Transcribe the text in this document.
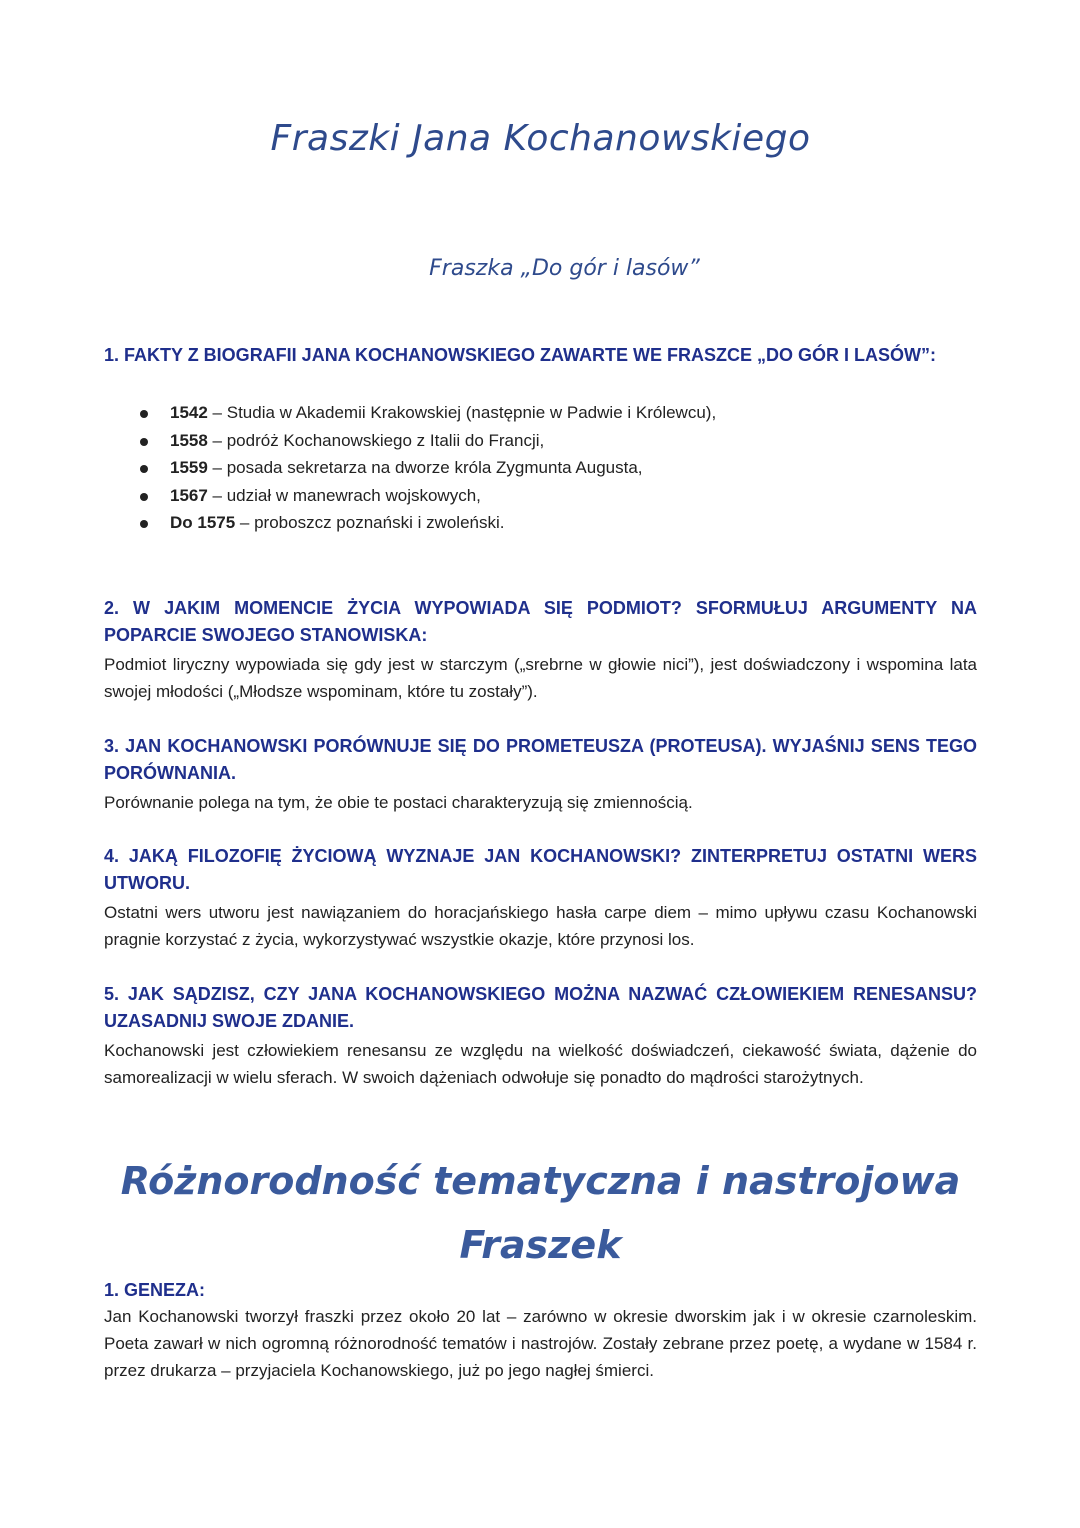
Fraszki Jana Kochanowskiego
Fraszka „Do gór i lasów”

1. FAKTY Z BIOGRAFII JANA KOCHANOWSKIEGO ZAWARTE WE FRASZCE „DO GÓR I LASÓW”:

1542 – Studia w Akademii Krakowskiej (następnie w Padwie i Królewcu),
1558 – podróż Kochanowskiego z Italii do Francji,
1559 – posada sekretarza na dworze króla Zygmunta Augusta,
1567 – udział w manewrach wojskowych,
Do 1575 – proboszcz poznański i zwoleński.

2. W JAKIM MOMENCIE ŻYCIA WYPOWIADA SIĘ PODMIOT? SFORMUŁUJ ARGUMENTY NA POPARCIE SWOJEGO STANOWISKA:

Podmiot liryczny wypowiada się gdy jest w starczym („srebrne w głowie nici”), jest doświadczony i wspomina lata swojej młodości („Młodsze wspominam, które tu zostały”).

3. JAN KOCHANOWSKI PORÓWNUJE SIĘ DO PROMETEUSZA (PROTEUSA). WYJAŚNIJ SENS TEGO PORÓWNANIA.

Porównanie polega na tym, że obie te postaci charakteryzują się zmiennością.

4. JAKĄ FILOZOFIĘ ŻYCIOWĄ WYZNAJE JAN KOCHANOWSKI? ZINTERPRETUJ OSTATNI WERS UTWORU.

Ostatni wers utworu jest nawiązaniem do horacjańskiego hasła carpe diem – mimo upływu czasu Kochanowski pragnie korzystać z życia, wykorzystywać wszystkie okazje, które przynosi los.

5. JAK SĄDZISZ, CZY JANA KOCHANOWSKIEGO MOŻNA NAZWAĆ CZŁOWIEKIEM RENESANSU? UZASADNIJ SWOJE ZDANIE.

Kochanowski jest człowiekiem renesansu ze względu na wielkość doświadczeń, ciekawość świata, dążenie do samorealizacji w wielu sferach. W swoich dążeniach odwołuje się ponadto do mądrości starożytnych.

Różnorodność tematyczna i nastrojowa
Fraszek

1. GENEZA:

Jan Kochanowski tworzył fraszki przez około 20 lat – zarówno w okresie dworskim jak i w okresie czarnoleskim. Poeta zawarł w nich ogromną różnorodność tematów i nastrojów. Zostały zebrane przez poetę, a wydane w 1584 r. przez drukarza – przyjaciela Kochanowskiego, już po jego nagłej śmierci.
